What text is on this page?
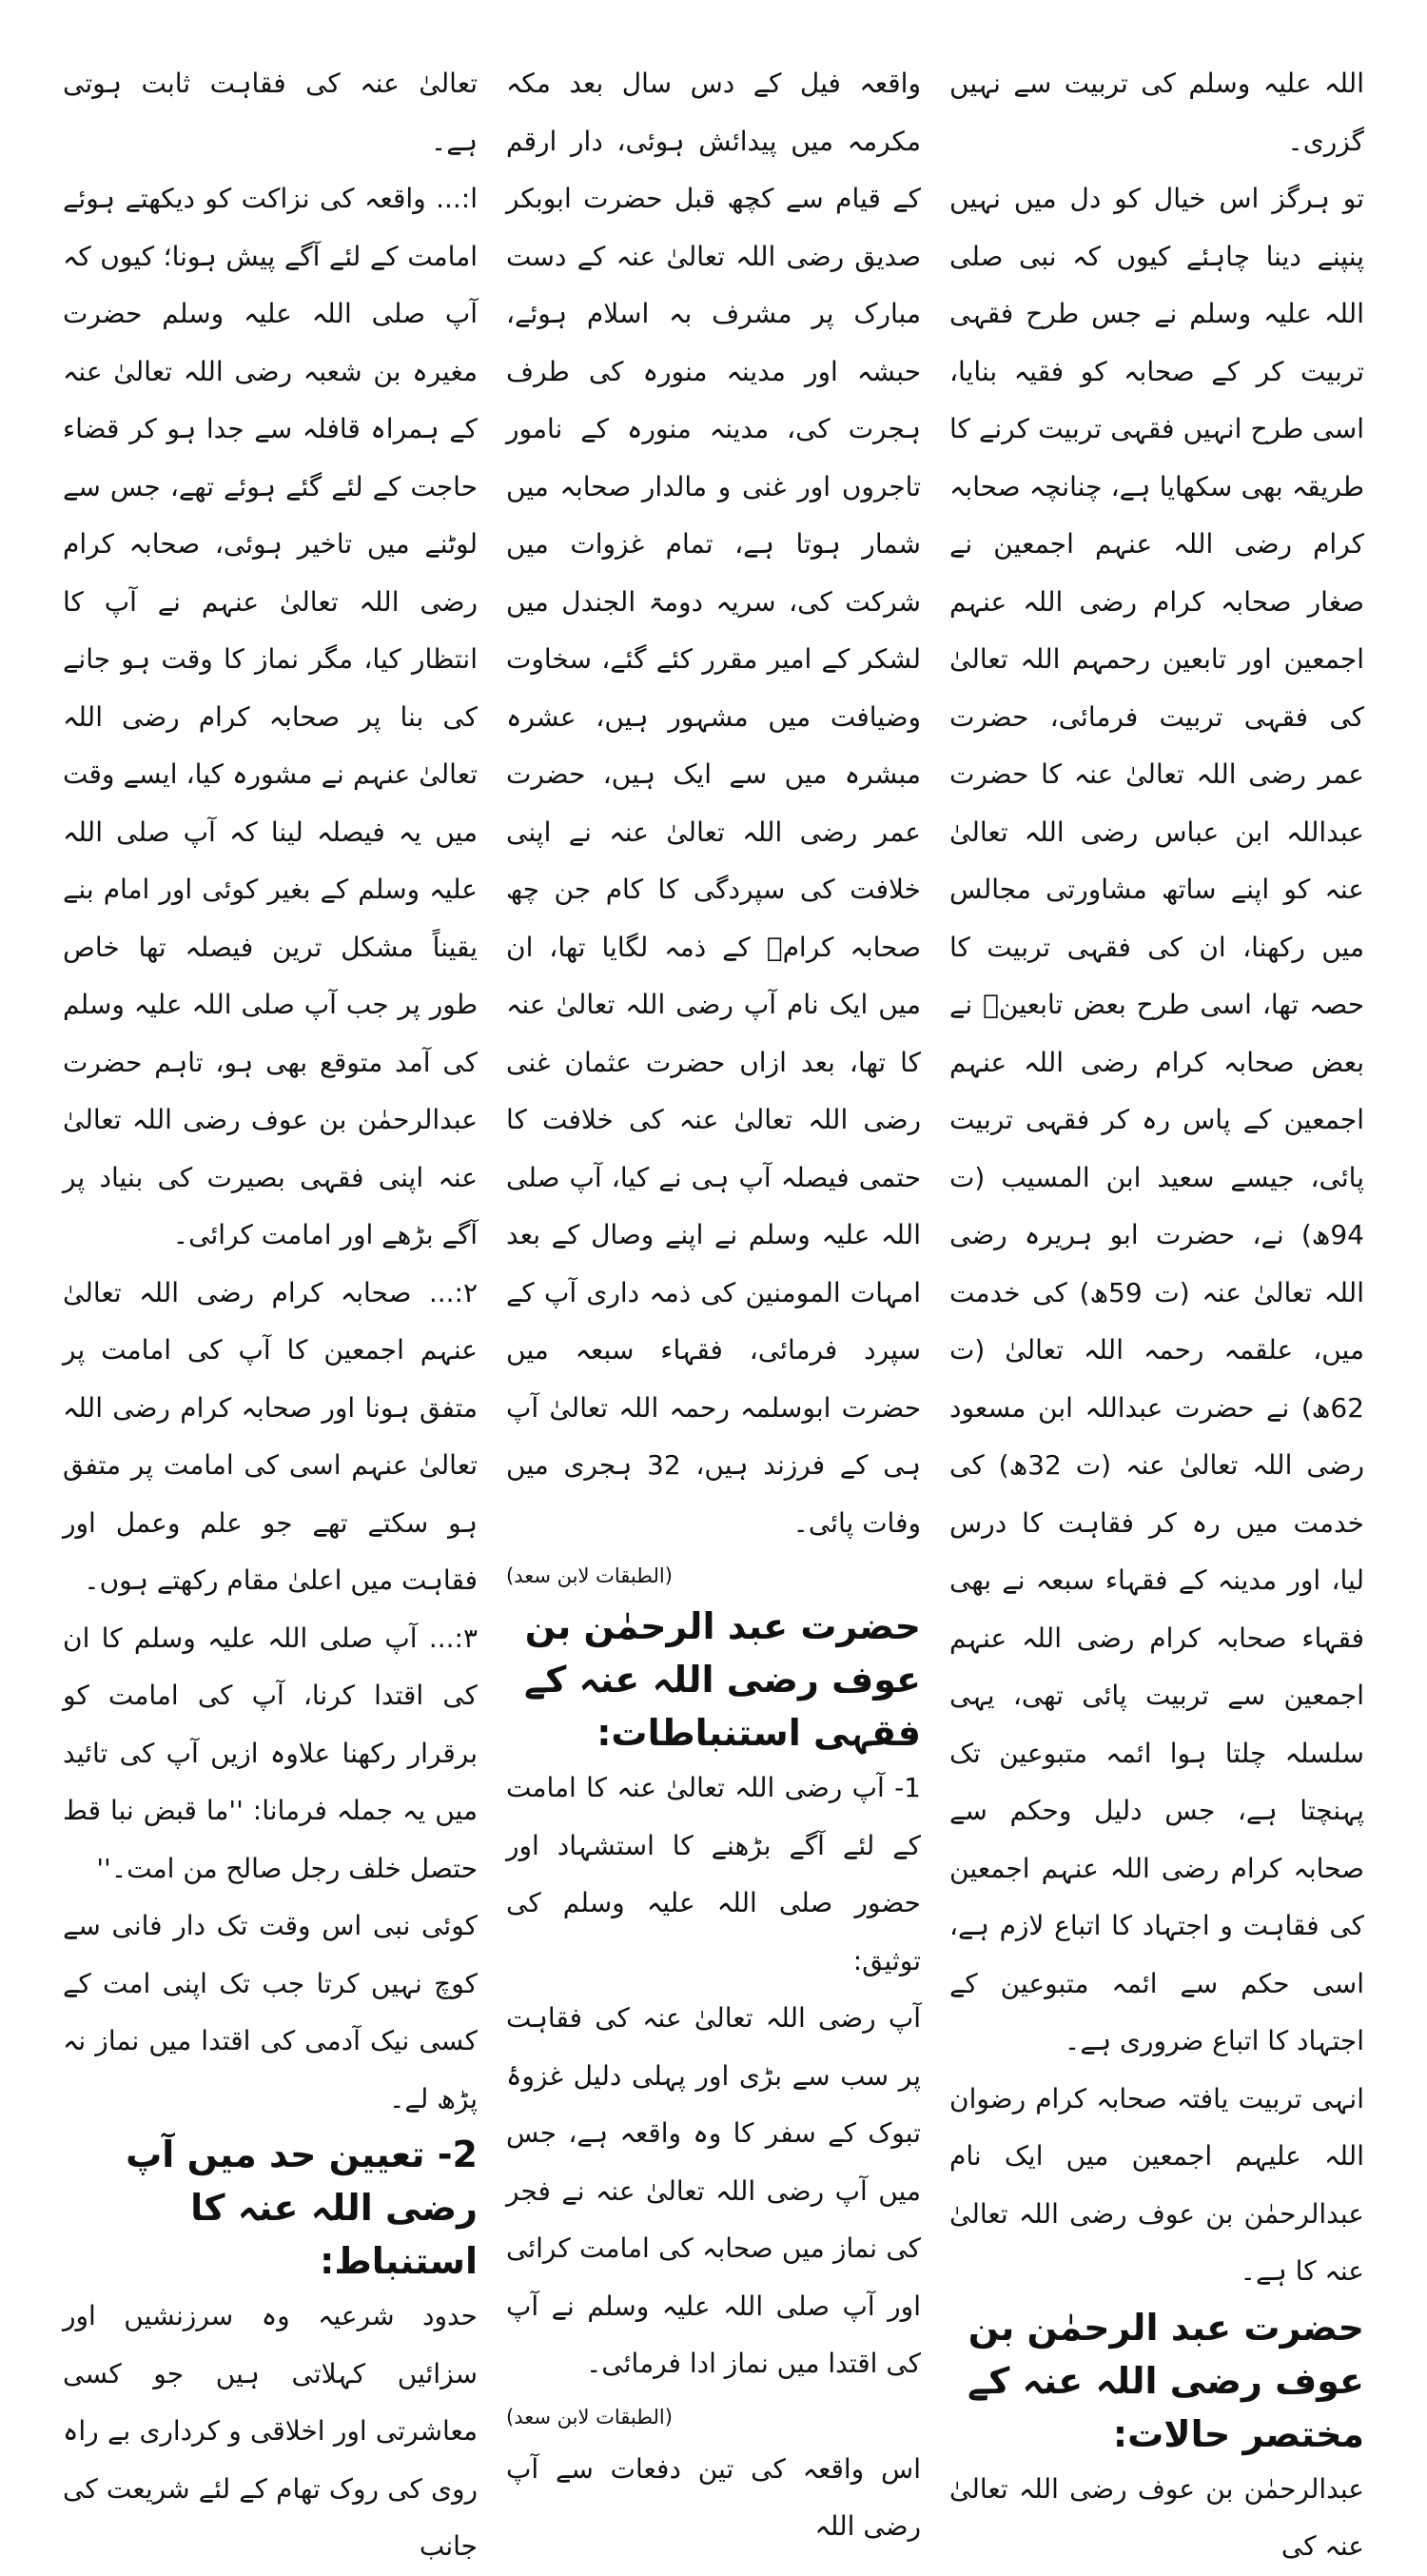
اللہ علیہ وسلم کی تربیت سے نہیں گزری۔
تو ہرگز اس خیال کو دل میں نہیں پنپنے دینا چاہئے کیوں کہ نبی صلی اللہ علیہ وسلم نے جس طرح فقہی تربیت کر کے صحابہ کو فقیہ بنایا، اسی طرح انہیں فقہی تربیت کرنے کا طریقہ بھی سکھایا ہے، چنانچہ صحابہ کرام رضی اللہ عنہم اجمعین نے صغار صحابہ کرام رضی اللہ عنہم اجمعین اور تابعین رحمہم اللہ تعالیٰ کی فقہی تربیت فرمائی، حضرت عمر رضی اللہ تعالیٰ عنہ کا حضرت عبداللہ ابن عباس رضی اللہ تعالیٰ عنہ کو اپنے ساتھ مشاورتی مجالس میں رکھنا، ان کی فقہی تربیت کا حصہ تھا، اسی طرح بعض تابعینؒ نے بعض صحابہ کرام رضی اللہ عنہم اجمعین کے پاس رہ کر فقہی تربیت پائی، جیسے سعید ابن المسیب (ت 94ھ) نے، حضرت ابو ہریرہ رضی اللہ تعالیٰ عنہ (ت 59ھ) کی خدمت میں، علقمہ رحمہ اللہ تعالیٰ (ت 62ھ) نے حضرت عبداللہ ابن مسعود رضی اللہ تعالیٰ عنہ (ت 32ھ) کی خدمت میں رہ کر فقاہت کا درس لیا، اور مدینہ کے فقہاء سبعہ نے بھی فقہاء صحابہ کرام رضی اللہ عنہم اجمعین سے تربیت پائی تھی، یہی سلسلہ چلتا ہوا ائمہ متبوعین تک پہنچتا ہے، جس دلیل وحکم سے صحابہ کرام رضی اللہ عنہم اجمعین کی فقاہت و اجتہاد کا اتباع لازم ہے، اسی حکم سے ائمہ متبوعین کے اجتہاد کا اتباع ضروری ہے۔
انہی تربیت یافتہ صحابہ کرام رضوان اللہ علیہم اجمعین میں ایک نام عبدالرحمٰن بن عوف رضی اللہ تعالیٰ عنہ کا ہے۔
حضرت عبد الرحمٰن بن عوف رضی اللہ عنہ کے مختصر حالات:
عبدالرحمٰن بن عوف رضی اللہ تعالیٰ عنہ کی
واقعہ فیل کے دس سال بعد مکہ مکرمہ میں پیدائش ہوئی، دار ارقم کے قیام سے کچھ قبل حضرت ابوبکر صدیق رضی اللہ تعالیٰ عنہ کے دست مبارک پر مشرف بہ اسلام ہوئے، حبشہ اور مدینہ منورہ کی طرف ہجرت کی، مدینہ منورہ کے نامور تاجروں اور غنی و مالدار صحابہ میں شمار ہوتا ہے، تمام غزوات میں شرکت کی، سریہ دومۃ الجندل میں لشکر کے امیر مقرر کئے گئے، سخاوت وضیافت میں مشہور ہیں، عشرہ مبشرہ میں سے ایک ہیں، حضرت عمر رضی اللہ تعالیٰ عنہ نے اپنی خلافت کی سپردگی کا کام جن چھ صحابہ کرامؓ کے ذمہ لگایا تھا، ان میں ایک نام آپ رضی اللہ تعالیٰ عنہ کا تھا، بعد ازاں حضرت عثمان غنی رضی اللہ تعالیٰ عنہ کی خلافت کا حتمی فیصلہ آپ ہی نے کیا، آپ صلی اللہ علیہ وسلم نے اپنے وصال کے بعد امہات المومنین کی ذمہ داری آپ کے سپرد فرمائی، فقہاء سبعہ میں حضرت ابوسلمہ رحمہ اللہ تعالیٰ آپ ہی کے فرزند ہیں، 32 ہجری میں وفات پائی۔
(الطبقات لابن سعد)
حضرت عبد الرحمٰن بن عوف رضی اللہ عنہ کے فقہی استنباطات:
1- آپ رضی اللہ تعالیٰ عنہ کا امامت کے لئے آگے بڑھنے کا استشہاد اور حضور صلی اللہ علیہ وسلم کی توثیق:
آپ رضی اللہ تعالیٰ عنہ کی فقاہت پر سب سے بڑی اور پہلی دلیل غزوۂ تبوک کے سفر کا وہ واقعہ ہے، جس میں آپ رضی اللہ تعالیٰ عنہ نے فجر کی نماز میں صحابہ کی امامت کرائی اور آپ صلی اللہ علیہ وسلم نے آپ کی اقتدا میں نماز ادا فرمائی۔
(الطبقات لابن سعد)
اس واقعہ کی تین دفعات سے آپ رضی اللہ
تعالیٰ عنہ کی فقاہت ثابت ہوتی ہے۔
ا:... واقعہ کی نزاکت کو دیکھتے ہوئے امامت کے لئے آگے پیش ہونا؛ کیوں کہ آپ صلی اللہ علیہ وسلم حضرت مغیرہ بن شعبہ رضی اللہ تعالیٰ عنہ کے ہمراہ قافلہ سے جدا ہو کر قضاء حاجت کے لئے گئے ہوئے تھے، جس سے لوٹنے میں تاخیر ہوئی، صحابہ کرام رضی اللہ تعالیٰ عنہم نے آپ کا انتظار کیا، مگر نماز کا وقت ہو جانے کی بنا پر صحابہ کرام رضی اللہ تعالیٰ عنہم نے مشورہ کیا، ایسے وقت میں یہ فیصلہ لینا کہ آپ صلی اللہ علیہ وسلم کے بغیر کوئی اور امام بنے یقیناً مشکل ترین فیصلہ تھا خاص طور پر جب آپ صلی اللہ علیہ وسلم کی آمد متوقع بھی ہو، تاہم حضرت عبدالرحمٰن بن عوف رضی اللہ تعالیٰ عنہ اپنی فقہی بصیرت کی بنیاد پر آگے بڑھے اور امامت کرائی۔
۲:... صحابہ کرام رضی اللہ تعالیٰ عنہم اجمعین کا آپ کی امامت پر متفق ہونا اور صحابہ کرام رضی اللہ تعالیٰ عنہم اسی کی امامت پر متفق ہو سکتے تھے جو علم وعمل اور فقاہت میں اعلیٰ مقام رکھتے ہوں۔
۳:... آپ صلی اللہ علیہ وسلم کا ان کی اقتدا کرنا، آپ کی امامت کو برقرار رکھنا علاوہ ازیں آپ کی تائید میں یہ جملہ فرمانا: ''ما قبض نبا قط حتصل خلف رجل صالح من امت۔''
کوئی نبی اس وقت تک دار فانی سے کوچ نہیں کرتا جب تک اپنی امت کے کسی نیک آدمی کی اقتدا میں نماز نہ پڑھ لے۔
2- تعیین حد میں آپ رضی اللہ عنہ کا استنباط:
حدود شرعیہ وہ سرزنشیں اور سزائیں کہلاتی ہیں جو کسی معاشرتی اور اخلاقی و کرداری بے راہ روی کی روک تھام کے لئے شریعت کی جانب
